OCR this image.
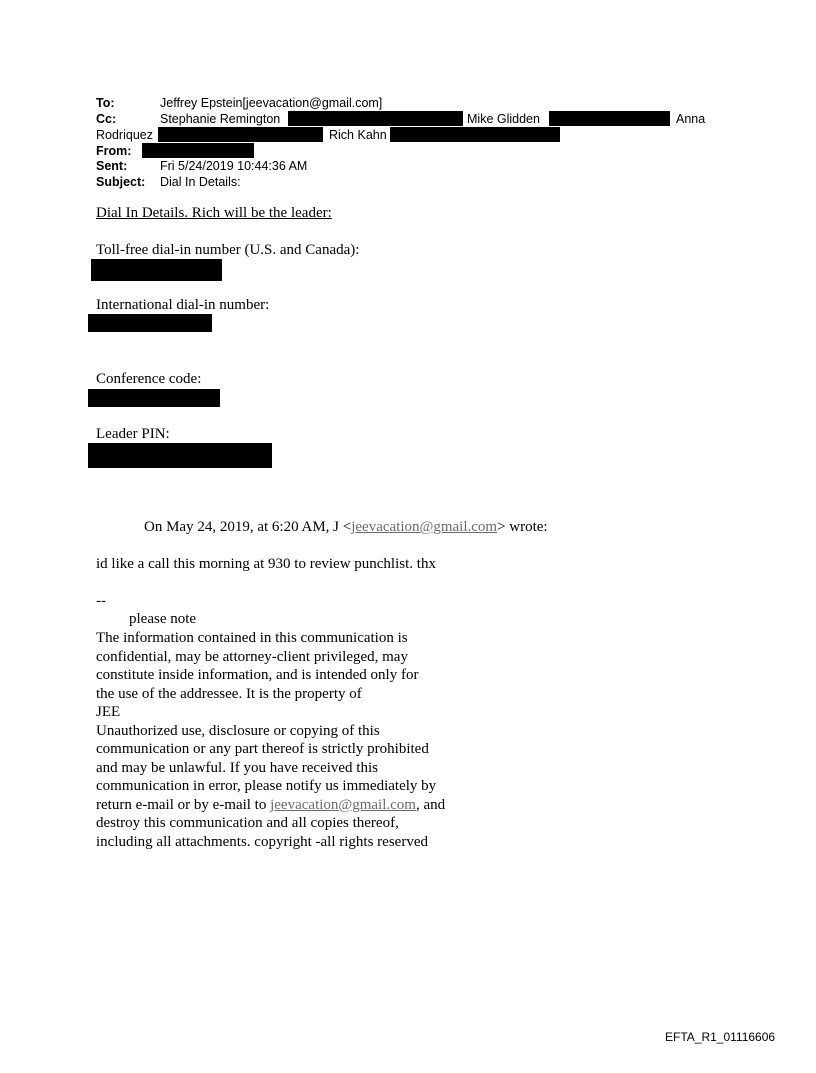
To:	Jeffrey Epstein[jeevacation@gmail.com]
Cc:	Stephanie Remington	Mike Glidden	Anna
Rodriquez	Rich Kahn
From:
Sent:	Fri 5/24/2019 10:44:36 AM
Subject: Dial In Details:
Dial In Details. Rich will be the leader:
Toll-free dial-in number (U.S. and Canada):
International dial-in number:
Conference code:
Leader PIN:
On May 24, 2019, at 6:20 AM, J <jeevacation@gmail.com> wrote:
id like a call this morning at 930 to review punchlist. thx
--
please note
The information contained in this communication is
confidential, may be attorney-client privileged, may
constitute inside information, and is intended only for
the use of the addressee. It is the property of
JEE
Unauthorized use, disclosure or copying of this
communication or any part thereof is strictly prohibited
and may be unlawful. If you have received this
communication in error, please notify us immediately by
return e-mail or by e-mail to jeevacation@gmail.com, and
destroy this communication and all copies thereof,
including all attachments. copyright -all rights reserved
EFTA_R1_01116606
